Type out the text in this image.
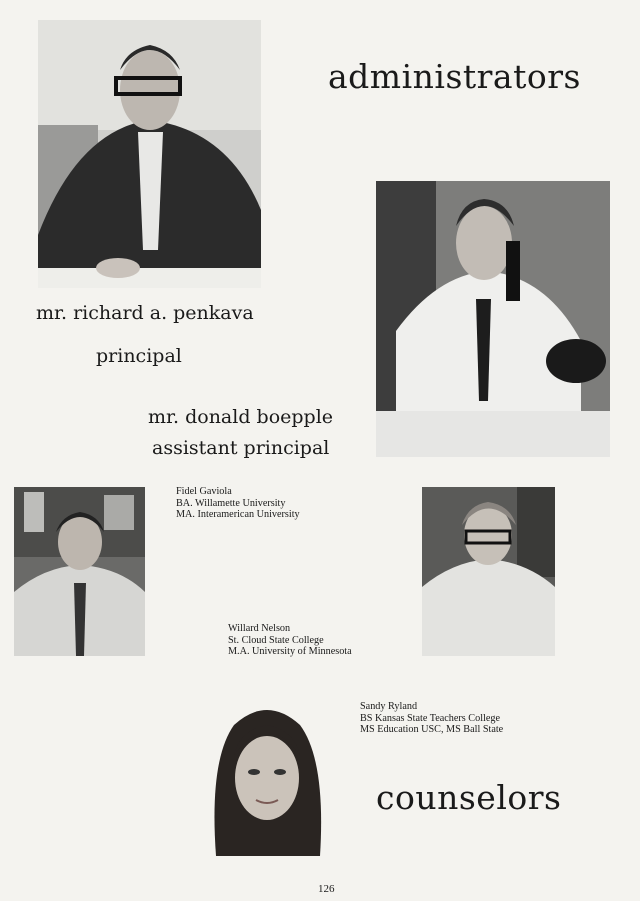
administrators
counselors
mr. richard a. penkava
principal
mr. donald boepple
assistant principal
Fidel Gaviola
BA. Willamette University
MA. Interamerican University
Willard Nelson
St. Cloud State College
M.A. University of Minnesota
Sandy Ryland
BS Kansas State Teachers College
MS Education USC, MS Ball State
126
